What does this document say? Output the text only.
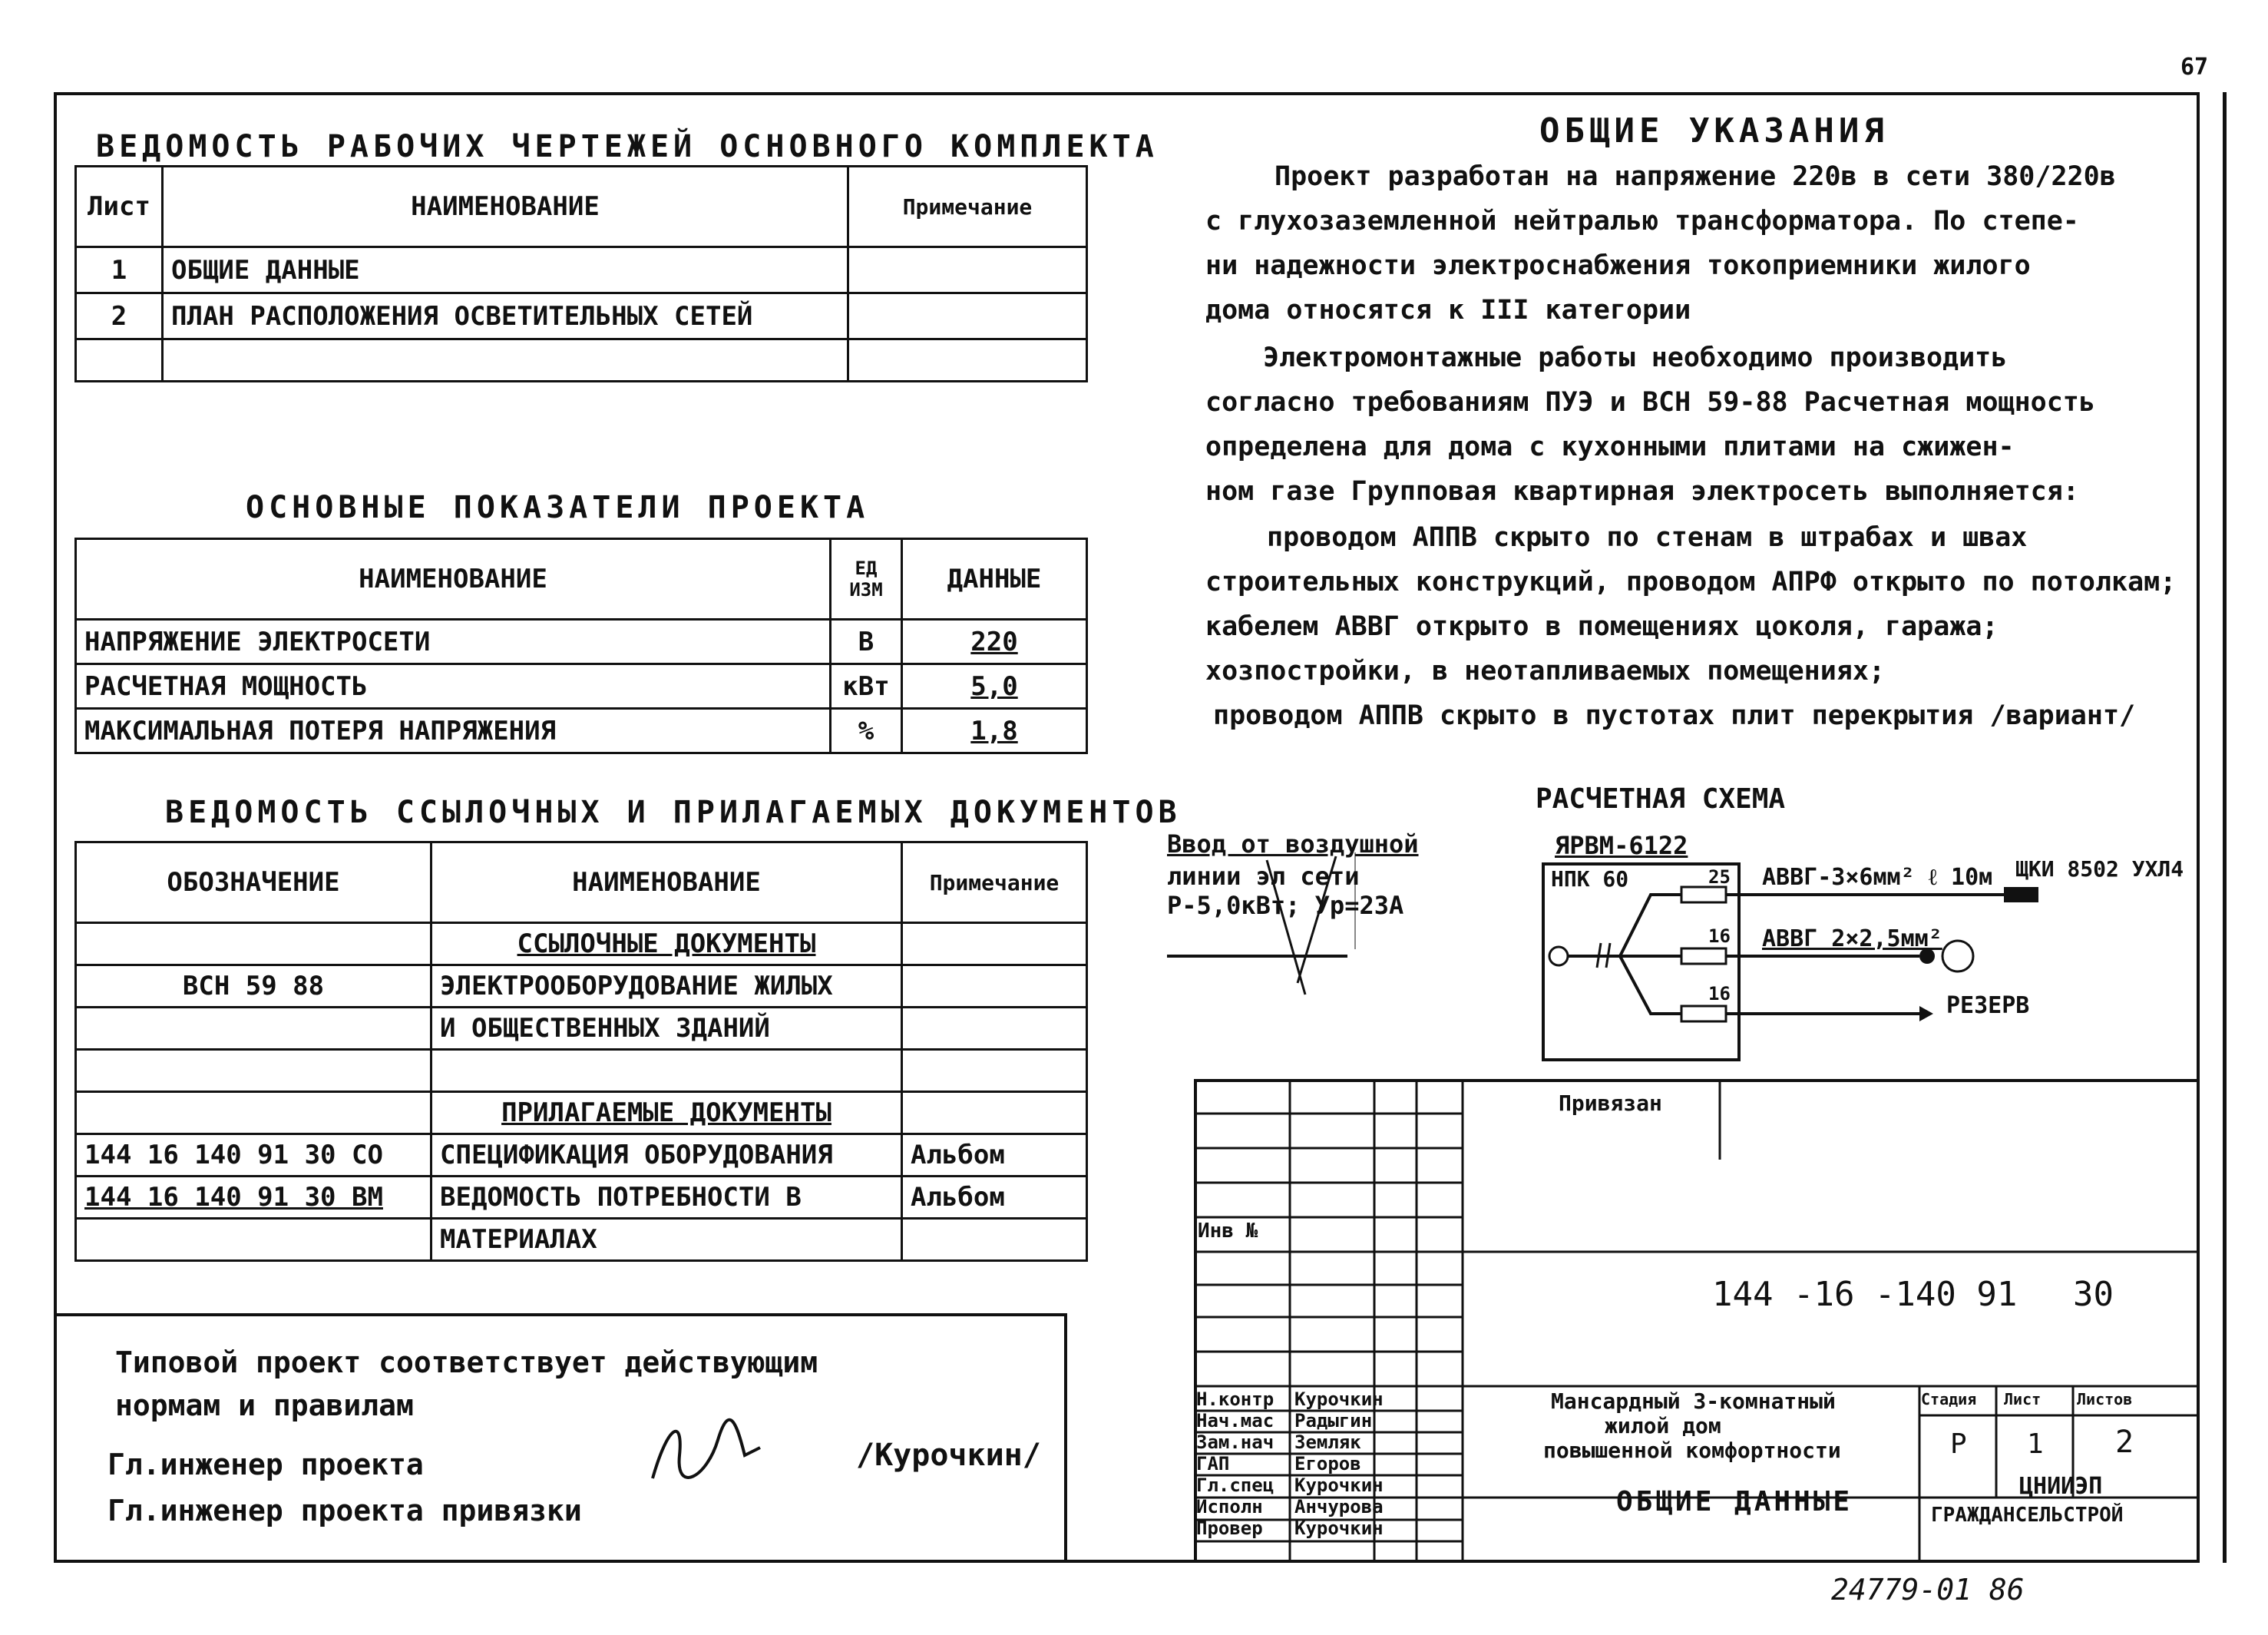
67
ВЕДОМОСТЬ РАБОЧИХ ЧЕРТЕЖЕЙ ОСНОВНОГО КОМПЛЕКТА
Лист	НАИМЕНОВАНИЕ	Примечание
1	ОБЩИЕ ДАННЫЕ	
2	ПЛАН РАСПОЛОЖЕНИЯ ОСВЕТИТЕЛЬНЫХ СЕТЕЙ	

ОСНОВНЫЕ ПОКАЗАТЕЛИ ПРОЕКТА
НАИМЕНОВАНИЕ	ЕД ИЗМ	ДАННЫЕ
НАПРЯЖЕНИЕ ЭЛЕКТРОСЕТИ	В	220
РАСЧЕТНАЯ МОЩНОСТЬ	кВт	5,0
МАКСИМАЛЬНАЯ ПОТЕРЯ НАПРЯЖЕНИЯ	%	1,8
ВЕДОМОСТЬ ССЫЛОЧНЫХ И ПРИЛАГАЕМЫХ ДОКУМЕНТОВ
ОБОЗНАЧЕНИЕ	НАИМЕНОВАНИЕ	Примечание
	ССЫЛОЧНЫЕ ДОКУМЕНТЫ	
ВСН 59 88	ЭЛЕКТРООБОРУДОВАНИЕ ЖИЛЫХ	
	И ОБЩЕСТВЕННЫХ ЗДАНИЙ	

	ПРИЛАГАЕМЫЕ ДОКУМЕНТЫ	
144 16 140 91 30 СО	СПЕЦИФИКАЦИЯ ОБОРУДОВАНИЯ	Альбом
144 16 140 91 30 ВМ	ВЕДОМОСТЬ ПОТРЕБНОСТИ В	Альбом
	МАТЕРИАЛАХ	
Типовой проект соответствует действующим
нормам и правилам
Гл.инженер проекта
Гл.инженер проекта привязки
/Курочкин/
ОБЩИЕ УКАЗАНИЯ
Проект разработан на напряжение 220в в сети 380/220в
с глухозаземленной нейтралью трансформатора. По степе-
ни надежности электроснабжения токоприемники жилого
дома относятся к III категории
Электромонтажные работы необходимо производить
согласно требованиям ПУЭ и ВСН 59-88 Расчетная мощность
определена для дома с кухонными плитами на сжижен-
ном газе Групповая квартирная электросеть выполняется:
проводом АППВ скрыто по стенам в штрабах и швах
строительных конструкций, проводом АПРФ открыто по потолкам;
кабелем АВВГ открыто в помещениях цоколя, гаража;
хозпостройки, в неотапливаемых помещениях;
проводом АППВ скрыто в пустотах плит перекрытия /вариант/
РАСЧЕТНАЯ СХЕМА
Ввод от воздушной
линии эл сети
Р-5,0кВт; Ур=23А
ЯРВМ-6122
НПК 60	25
16
16
АВВГ-3×6мм² ℓ 10м ЩКИ 8502 УХЛ4
АВВГ 2×2,5мм²
РЕЗЕРВ
Привязан
Инв №
144 -16 -140 91 30
Н.контр Курочкин
Нач.мас Радыгин
Зам.нач Земляк
ГАП	Егоров
Гл.спец Курочкин
Исполн Анчурова
Провер Курочкин
Мансардный 3-комнатный
жилой дом
повышенной комфортности
Стадия Лист Листов
Р 1 2
ОБЩИЕ ДАННЫЕ	ЦНИИЭП
ГРАЖДАНСЕЛЬСТРОЙ
24779-01 86
